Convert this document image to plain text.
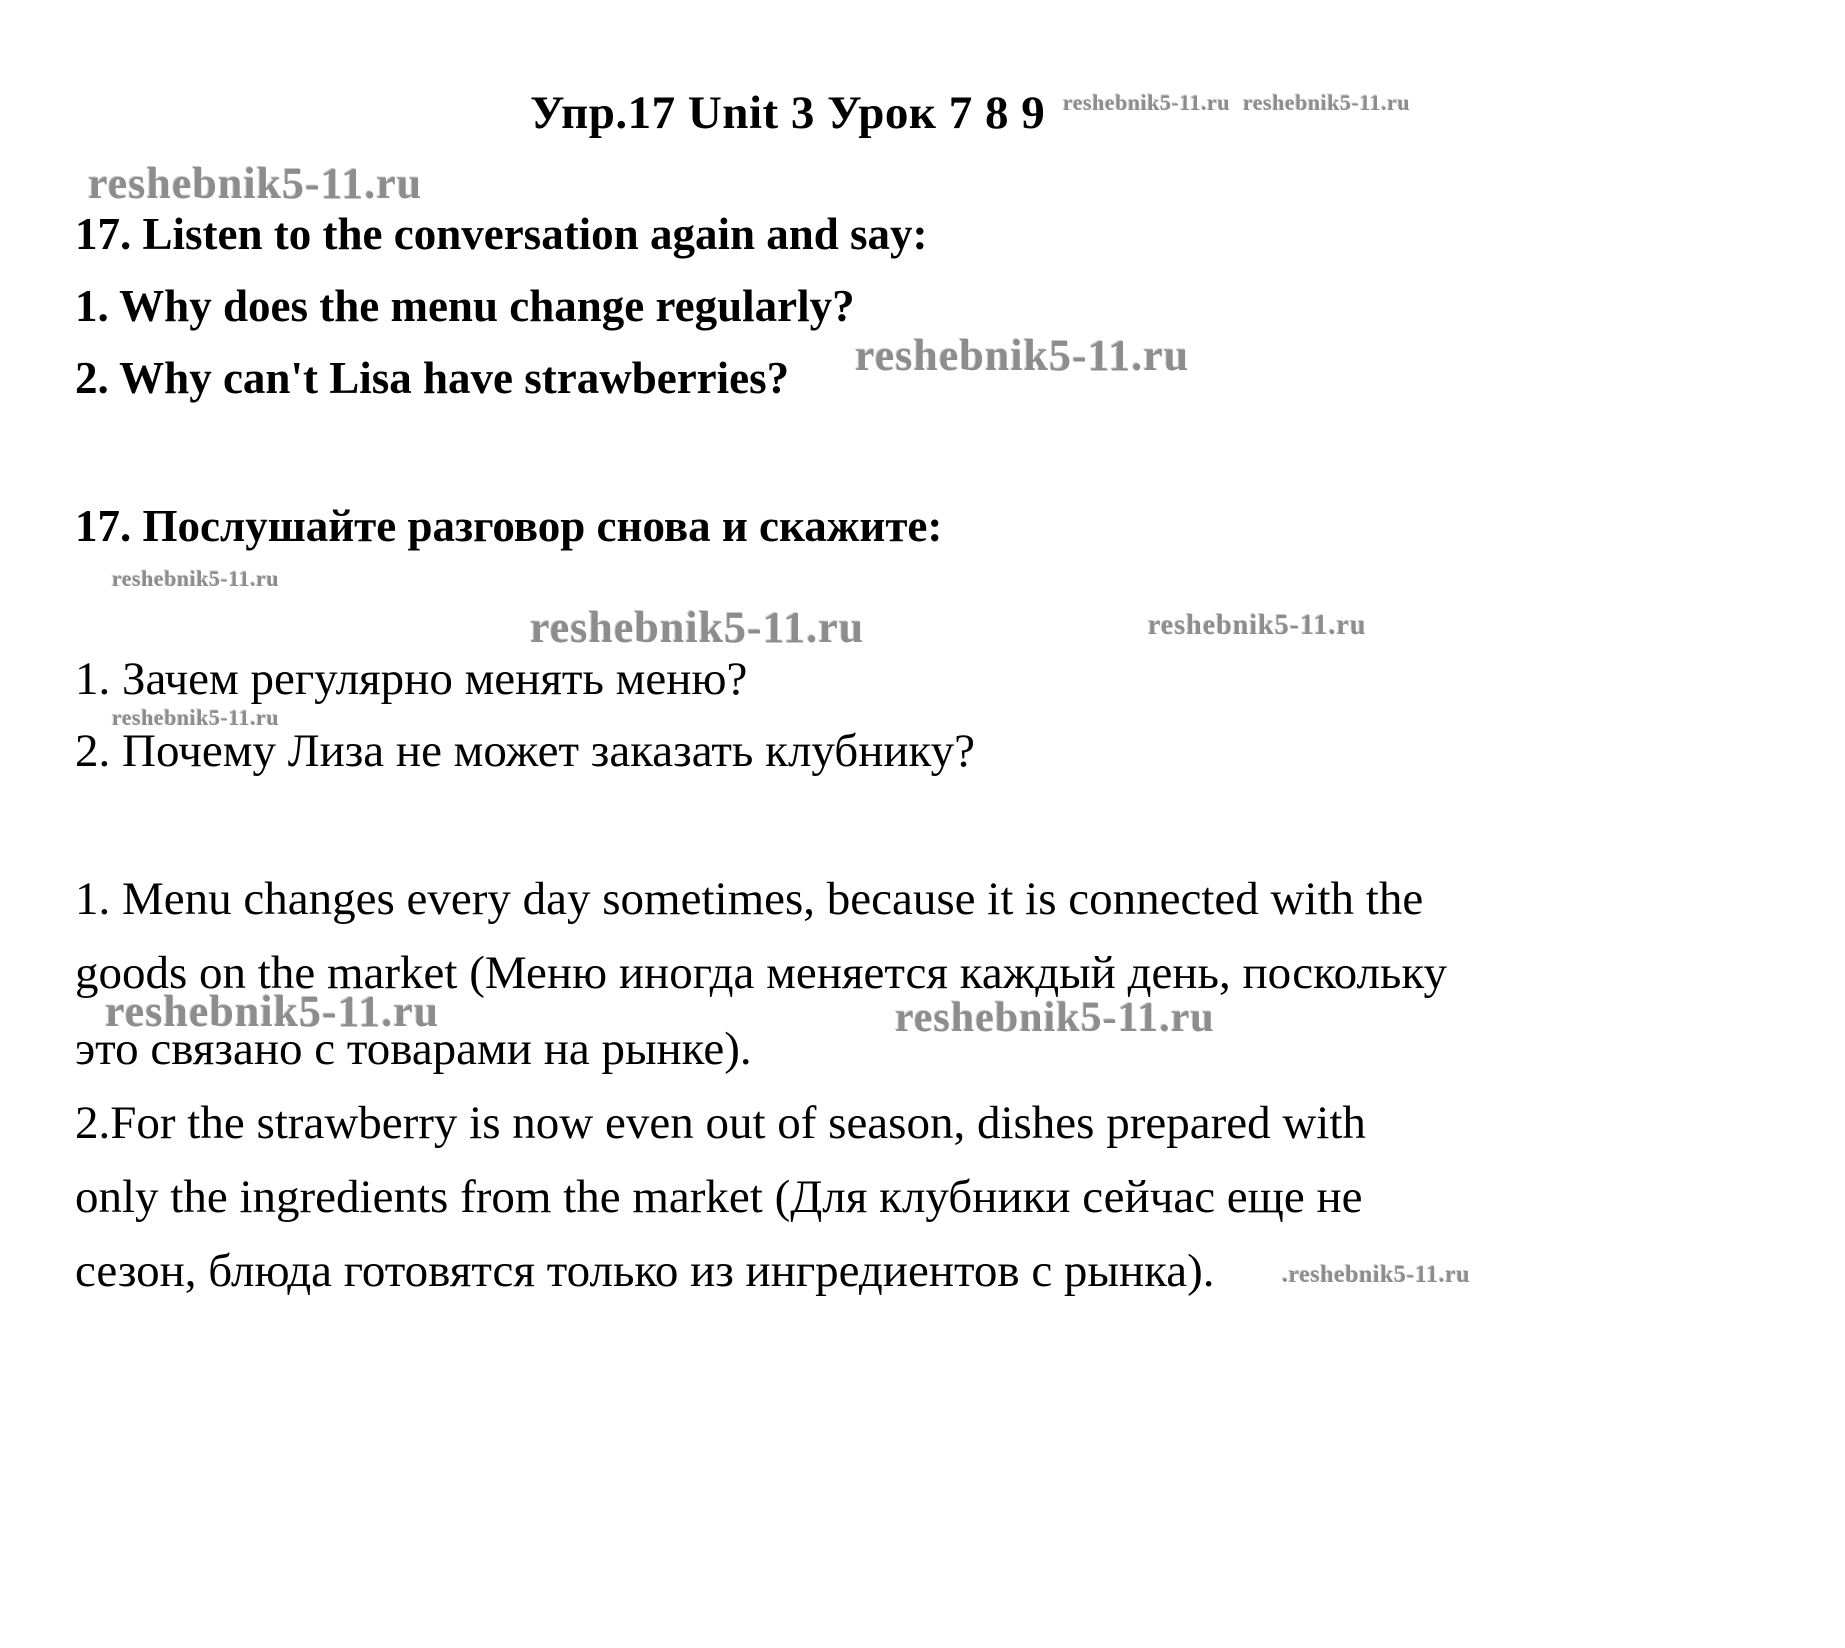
Упр.17 Unit 3 Урок 7 8 9 reshebnik5-11.ru reshebnik5-11.ru
reshebnik5-11.ru
17. Listen to the conversation again and say:
1. Why does the menu change regularly?
2. Why can't Lisa have strawberries? reshebnik5-11.ru
17. Послушайте разговор снова и скажите:
reshebnik5-11.ru
reshebnik5-11.ru	reshebnik5-11.ru
1. Зачем регулярно менять меню?
reshebnik5-11.ru
2. Почему Лиза не может заказать клубнику?
1. Menu changes every day sometimes, because it is connected with the
goods on the market (Меню иногда меняется каждый день, поскольку
reshebnik5-11.ru	reshebnik5-11.ru
это связано с товарами на рынке).
2.For the strawberry is now even out of season, dishes prepared with
only the ingredients from the market (Для клубники сейчас еще не
сезон, блюда готовятся только из ингредиентов с рынка).	.reshebnik5-11.ru
